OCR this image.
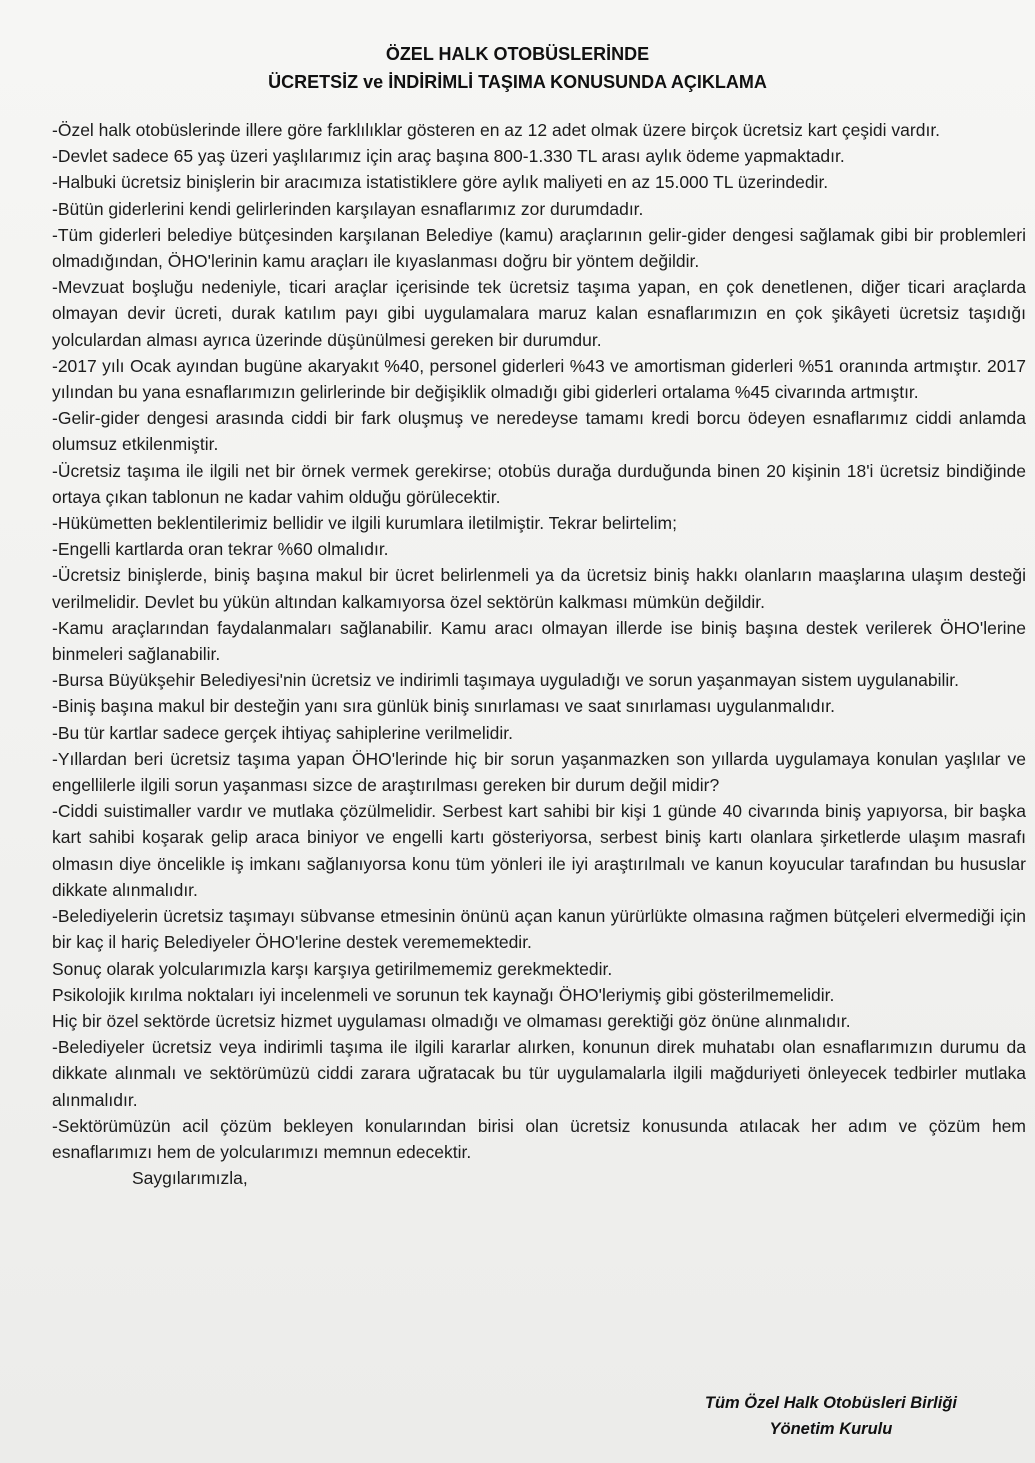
ÖZEL HALK OTOBÜSLERİNDE
ÜCRETSİZ ve İNDİRİMLİ TAŞIMA KONUSUNDA AÇIKLAMA

-Özel halk otobüslerinde illere göre farklılıklar gösteren en az 12 adet olmak üzere birçok ücretsiz kart çeşidi vardır.

-Devlet sadece 65 yaş üzeri yaşlılarımız için araç başına 800-1.330 TL arası aylık ödeme yapmaktadır.

-Halbuki ücretsiz binişlerin bir aracımıza istatistiklere göre aylık maliyeti en az 15.000 TL üzerindedir.

-Bütün giderlerini kendi gelirlerinden karşılayan esnaflarımız zor durumdadır.

-Tüm giderleri belediye bütçesinden karşılanan Belediye (kamu) araçlarının gelir-gider dengesi sağlamak gibi bir problemleri olmadığından, ÖHO'lerinin kamu araçları ile kıyaslanması doğru bir yöntem değildir.

-Mevzuat boşluğu nedeniyle, ticari araçlar içerisinde tek ücretsiz taşıma yapan, en çok denetlenen, diğer ticari araçlarda olmayan devir ücreti, durak katılım payı gibi uygulamalara maruz kalan esnaflarımızın en çok şikâyeti ücretsiz taşıdığı yolculardan alması ayrıca üzerinde düşünülmesi gereken bir durumdur.

-2017 yılı Ocak ayından bugüne akaryakıt %40, personel giderleri %43 ve amortisman giderleri %51 oranında artmıştır. 2017 yılından bu yana esnaflarımızın gelirlerinde bir değişiklik olmadığı gibi giderleri ortalama %45 civarında artmıştır.

-Gelir-gider dengesi arasında ciddi bir fark oluşmuş ve neredeyse tamamı kredi borcu ödeyen esnaflarımız ciddi anlamda olumsuz etkilenmiştir.

-Ücretsiz taşıma ile ilgili net bir örnek vermek gerekirse; otobüs durağa durduğunda binen 20 kişinin 18'i ücretsiz bindiğinde ortaya çıkan tablonun ne kadar vahim olduğu görülecektir.

-Hükümetten beklentilerimiz bellidir ve ilgili kurumlara iletilmiştir. Tekrar belirtelim;

-Engelli kartlarda oran tekrar %60 olmalıdır.

-Ücretsiz binişlerde, biniş başına makul bir ücret belirlenmeli ya da ücretsiz biniş hakkı olanların maaşlarına ulaşım desteği verilmelidir. Devlet bu yükün altından kalkamıyorsa özel sektörün kalkması mümkün değildir.

-Kamu araçlarından faydalanmaları sağlanabilir. Kamu aracı olmayan illerde ise biniş başına destek verilerek ÖHO'lerine binmeleri sağlanabilir.

-Bursa Büyükşehir Belediyesi'nin ücretsiz ve indirimli taşımaya uyguladığı ve sorun yaşanmayan sistem uygulanabilir.

-Biniş başına makul bir desteğin yanı sıra günlük biniş sınırlaması ve saat sınırlaması uygulanmalıdır.

-Bu tür kartlar sadece gerçek ihtiyaç sahiplerine verilmelidir.

-Yıllardan beri ücretsiz taşıma yapan ÖHO'lerinde hiç bir sorun yaşanmazken son yıllarda uygulamaya konulan yaşlılar ve engellilerle ilgili sorun yaşanması sizce de araştırılması gereken bir durum değil midir?

-Ciddi suistimaller vardır ve mutlaka çözülmelidir. Serbest kart sahibi bir kişi 1 günde 40 civarında biniş yapıyorsa, bir başka kart sahibi koşarak gelip araca biniyor ve engelli kartı gösteriyorsa, serbest biniş kartı olanlara şirketlerde ulaşım masrafı olmasın diye öncelikle iş imkanı sağlanıyorsa konu tüm yönleri ile iyi araştırılmalı ve kanun koyucular tarafından bu hususlar dikkate alınmalıdır.

-Belediyelerin ücretsiz taşımayı sübvanse etmesinin önünü açan kanun yürürlükte olmasına rağmen bütçeleri elvermediği için bir kaç il hariç Belediyeler ÖHO'lerine destek verememektedir.

Sonuç olarak yolcularımızla karşı karşıya getirilmememiz gerekmektedir.

Psikolojik kırılma noktaları iyi incelenmeli ve sorunun tek kaynağı ÖHO'leriymiş gibi gösterilmemelidir.

Hiç bir özel sektörde ücretsiz hizmet uygulaması olmadığı ve olmaması gerektiği göz önüne alınmalıdır.

-Belediyeler ücretsiz veya indirimli taşıma ile ilgili kararlar alırken, konunun direk muhatabı olan esnaflarımızın durumu da dikkate alınmalı ve sektörümüzü ciddi zarara uğratacak bu tür uygulamalarla ilgili mağduriyeti önleyecek tedbirler mutlaka alınmalıdır.

-Sektörümüzün acil çözüm bekleyen konularından birisi olan ücretsiz konusunda atılacak her adım ve çözüm hem esnaflarımızı hem de yolcularımızı memnun edecektir.

Saygılarımızla,

Tüm Özel Halk Otobüsleri Birliği
Yönetim Kurulu
